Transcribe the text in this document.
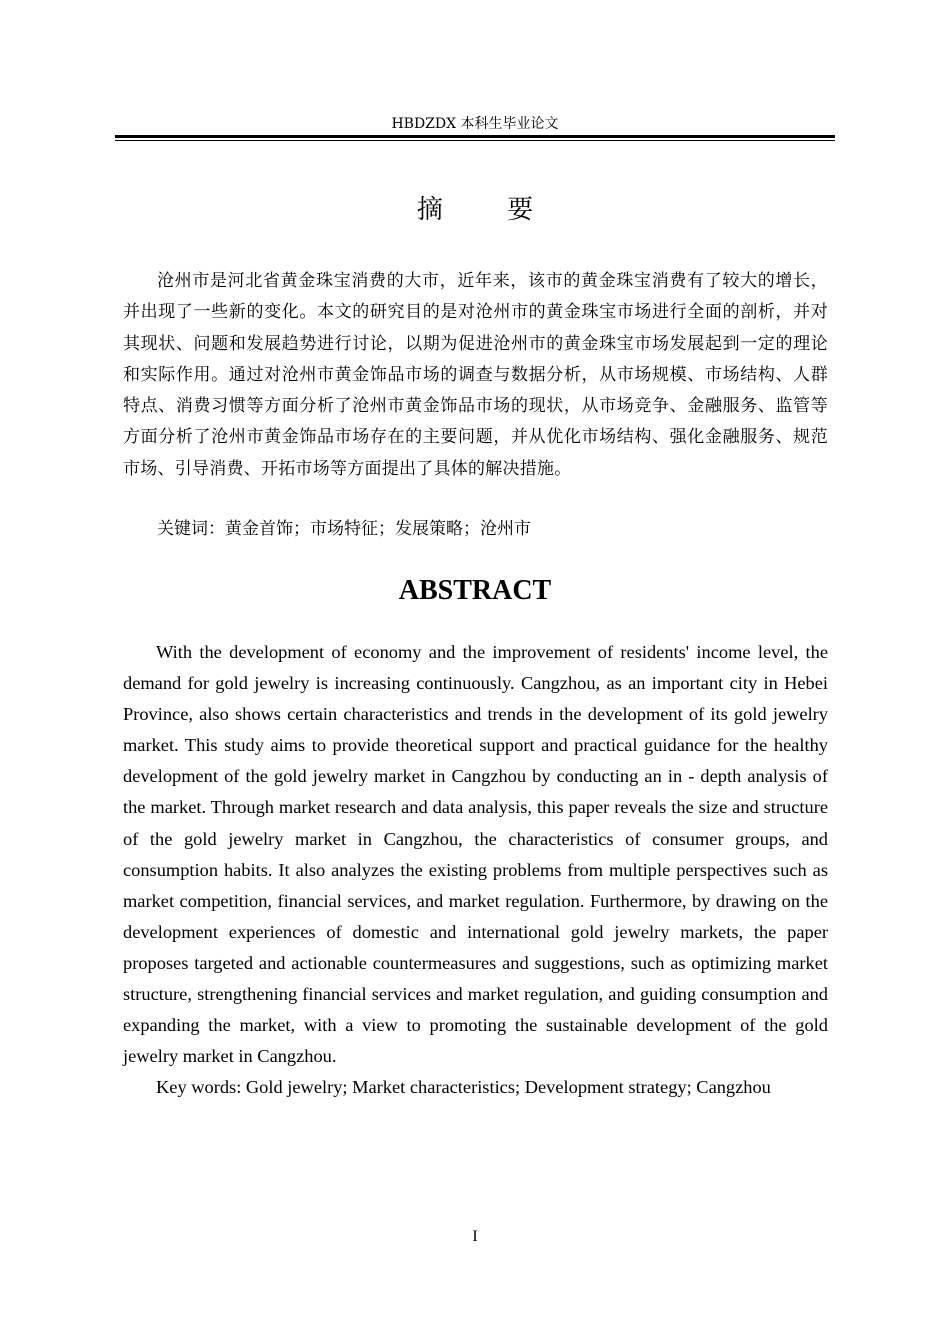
HBDZDX 本科生毕业论文
摘 要

沧州市是河北省黄金珠宝消费的大市，近年来，该市的黄金珠宝消费有了较大的增长，并出现了一些新的变化。本文的研究目的是对沧州市的黄金珠宝市场进行全面的剖析，并对其现状、问题和发展趋势进行讨论，以期为促进沧州市的黄金珠宝市场发展起到一定的理论和实际作用。通过对沧州市黄金饰品市场的调查与数据分析，从市场规模、市场结构、人群特点、消费习惯等方面分析了沧州市黄金饰品市场的现状，从市场竞争、金融服务、监管等方面分析了沧州市黄金饰品市场存在的主要问题，并从优化市场结构、强化金融服务、规范市场、引导消费、开拓市场等方面提出了具体的解决措施。

关键词：黄金首饰；市场特征；发展策略；沧州市

ABSTRACT

With the development of economy and the improvement of residents' income level, the demand for gold jewelry is increasing continuously. Cangzhou, as an important city in Hebei Province, also shows certain characteristics and trends in the development of its gold jewelry market. This study aims to provide theoretical support and practical guidance for the healthy development of the gold jewelry market in Cangzhou by conducting an in - depth analysis of the market. Through market research and data analysis, this paper reveals the size and structure of the gold jewelry market in Cangzhou, the characteristics of consumer groups, and consumption habits. It also analyzes the existing problems from multiple perspectives such as market competition, financial services, and market regulation. Furthermore, by drawing on the development experiences of domestic and international gold jewelry markets, the paper proposes targeted and actionable countermeasures and suggestions, such as optimizing market structure, strengthening financial services and market regulation, and guiding consumption and expanding the market, with a view to promoting the sustainable development of the gold jewelry market in Cangzhou.

Key words: Gold jewelry; Market characteristics; Development strategy; Cangzhou

I
